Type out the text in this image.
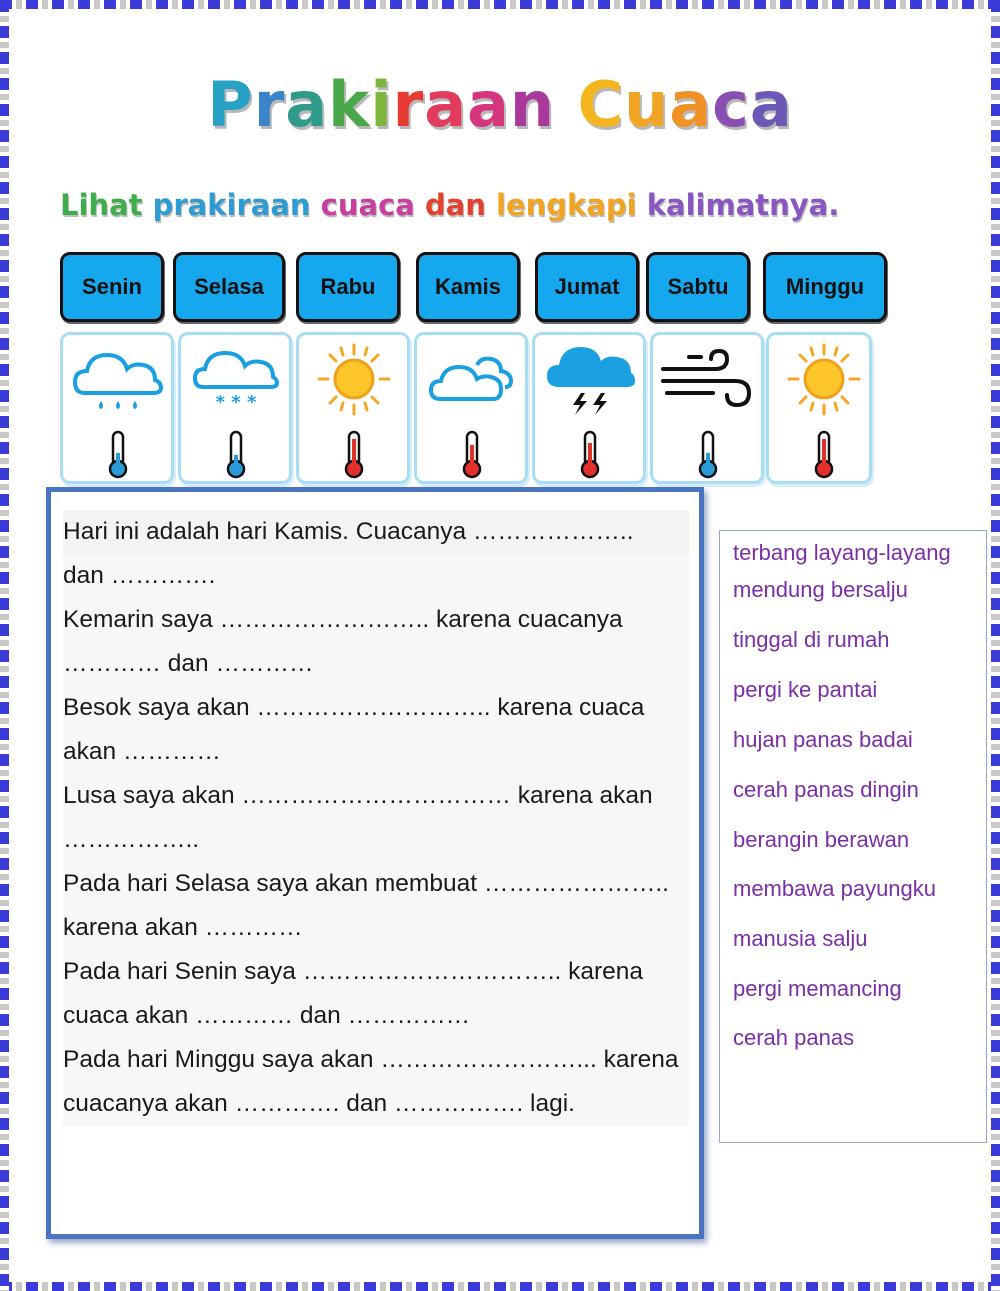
Prakiraan Cuaca
Lihat prakiraan cuaca dan lengkapi kalimatnya.
Senin	Selasa	Rabu	Kamis	Jumat	Sabtu	Minggu
* * *
Hari ini adalah hari Kamis. Cuacanya ………………..
dan ………….
Kemarin saya …………………….. karena cuacanya
………… dan …………
Besok saya akan ……………………….. karena cuaca
akan …………
Lusa saya akan …………………………… karena akan
……………..
Pada hari Selasa saya akan membuat …………………..
karena akan …………
Pada hari Senin saya ………………………….. karena
cuaca akan ………… dan ……………
Pada hari Minggu saya akan ……………………... karena
cuacanya akan …………. dan ……………. lagi.
terbang layang-layang
mendung bersalju
tinggal di rumah
pergi ke pantai
hujan panas badai
cerah panas dingin
berangin berawan
membawa payungku
manusia salju
pergi memancing
cerah panas
